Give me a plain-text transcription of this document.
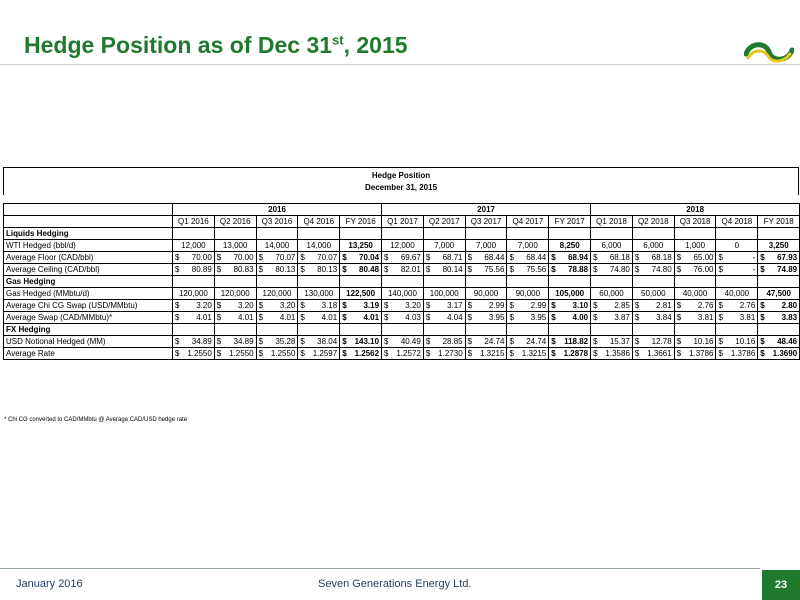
Hedge Position as of Dec 31st, 2015
Hedge Position
December 31, 2015
	2016					2017					2018				
	Q1 2016	Q2 2016	Q3 2016	Q4 2016	FY 2016	Q1 2017	Q2 2017	Q3 2017	Q4 2017	FY 2017	Q1 2018	Q2 2018	Q3 2018	Q4 2018	FY 2018
Liquids Hedging															
WTI Hedged (bbl/d)	12,000	13,000	14,000	14,000	13,250	12,000	7,000	7,000	7,000	8,250	6,000	6,000	1,000	0	3,250
Average Floor (CAD/bbl)	$ 70.00	$ 70.00	$ 70.07	$ 70.07	$ 70.04	$ 69.67	$ 68.71	$ 68.44	$ 68.44	$ 68.94	$ 68.18	$ 68.18	$ 65.00	$ -	$ 67.93

Average Ceiling (CAD/bbl)	$ 80.89	$ 80.83	$ 80.13	$ 80.13	$ 80.48	$ 82.01	$ 80.14	$ 75.56	$ 75.56	$ 78.88	$ 74.80	$ 74.80	$ 76.00	$ -	$ 74.89

Gas Hedging															
Gas Hedged (MMbtu/d)	120,000	120,000	120,000	130,000	122,500	140,000	100,000	90,000	90,000	105,000	60,000	50,000	40,000	40,000	47,500
Average Chi CG Swap (USD/MMbtu)	$ 3.20	$ 3.20	$ 3.20	$ 3.18	$ 3.19	$ 3.20	$ 3.17	$ 2.99	$ 2.99	$ 3.10	$ 2.85	$ 2.81	$ 2.76	$ 2.76	$ 2.80

Average Swap (CAD/MMbtu)*	$ 4.01	$ 4.01	$ 4.01	$ 4.01	$ 4.01	$ 4.03	$ 4.04	$ 3.95	$ 3.95	$ 4.00	$ 3.87	$ 3.84	$ 3.81	$ 3.81	$ 3.83

FX Hedging															
USD Notional Hedged (MM)	$ 34.89	$ 34.89	$ 35.28	$ 38.04	$ 143.10	$ 40.49	$ 28.85	$ 24.74	$ 24.74	$ 118.82	$ 15.37	$ 12.78	$ 10.16	$ 10.16	$ 48.46

Average Rate	$ 1.2550	$ 1.2550	$ 1.2550	$ 1.2597	$ 1.2562	$ 1.2572	$ 1.2730	$ 1.3215	$ 1.3215	$ 1.2878	$ 1.3586	$ 1.3661	$ 1.3786	$ 1.3786	$ 1.3690
* Chi CG converted to CAD/MMbtu @ Average CAD/USD hedge rate
January 2016	Seven Generations Energy Ltd.	23
